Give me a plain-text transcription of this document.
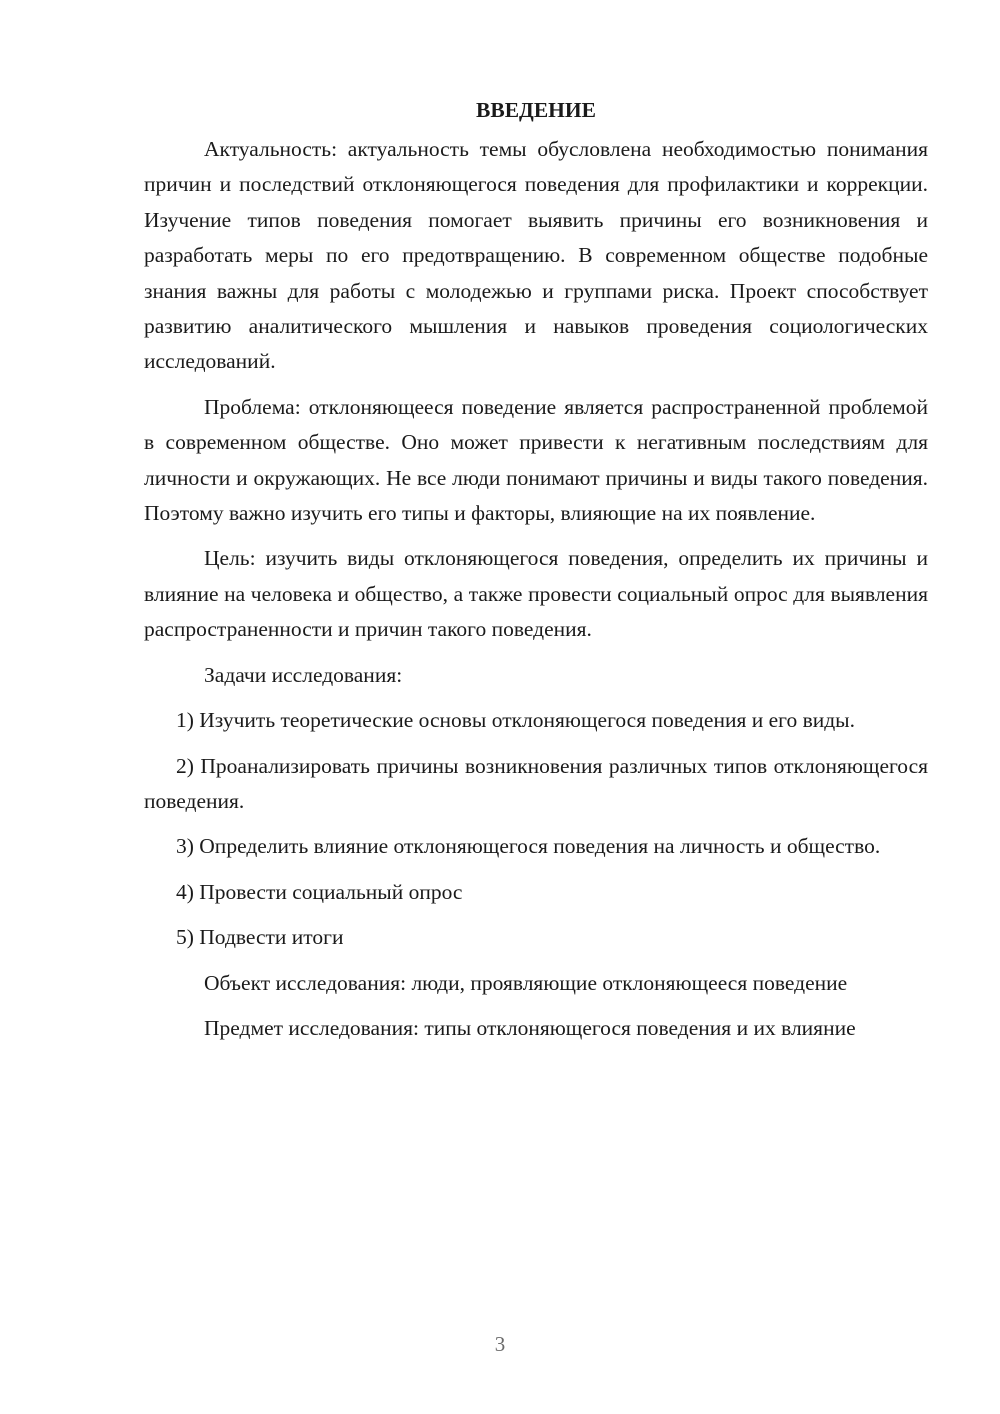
ВВЕДЕНИЕ

Актуальность: актуальность темы обусловлена необходимостью понимания причин и последствий отклоняющегося поведения для профилактики и коррекции. Изучение типов поведения помогает выявить причины его возникновения и разработать меры по его предотвращению. В современном обществе подобные знания важны для работы с молодежью и группами риска. Проект способствует развитию аналитического мышления и навыков проведения социологических исследований.

Проблема: отклоняющееся поведение является распространенной проблемой в современном обществе. Оно может привести к негативным последствиям для личности и окружающих. Не все люди понимают причины и виды такого поведения. Поэтому важно изучить его типы и факторы, влияющие на их появление.

Цель: изучить виды отклоняющегося поведения, определить их причины и влияние на человека и общество, а также провести социальный опрос для выявления распространенности и причин такого поведения.

Задачи исследования:

1) Изучить теоретические основы отклоняющегося поведения и его виды.

2) Проанализировать причины возникновения различных типов отклоняющегося поведения.

3) Определить влияние отклоняющегося поведения на личность и общество.

4) Провести социальный опрос

5) Подвести итоги

Объект исследования: люди, проявляющие отклоняющееся поведение

Предмет исследования: типы отклоняющегося поведения и их влияние

3
